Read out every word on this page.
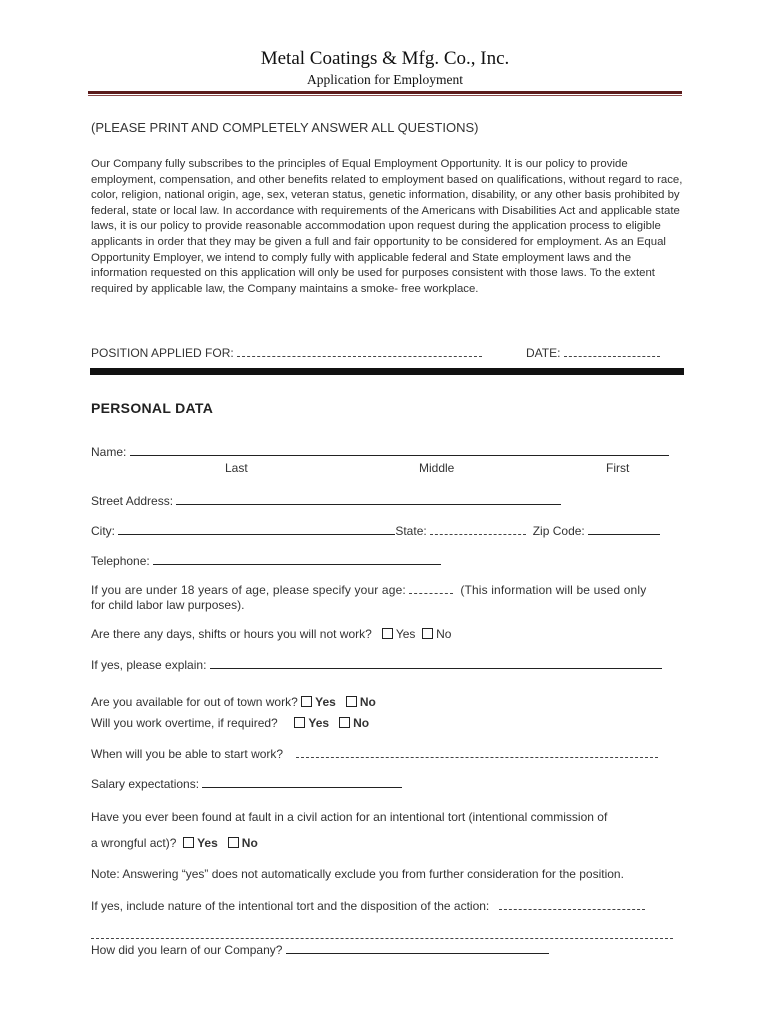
Metal Coatings & Mfg. Co., Inc.
Application for Employment
(PLEASE PRINT AND COMPLETELY ANSWER ALL QUESTIONS)
Our Company fully subscribes to the principles of Equal Employment Opportunity. It is our policy to provide employment, compensation, and other benefits related to employment based on qualifications, without regard to race, color, religion, national origin, age, sex, veteran status, genetic information, disability, or any other basis prohibited by federal, state or local law. In accordance with requirements of the Americans with Disabilities Act and applicable state laws, it is our policy to provide reasonable accommodation upon request during the application process to eligible applicants in order that they may be given a full and fair opportunity to be considered for employment. As an Equal Opportunity Employer, we intend to comply fully with applicable federal and State employment laws and the information requested on this application will only be used for purposes consistent with those laws. To the extent required by applicable law, the Company maintains a smoke- free workplace.
POSITION APPLIED FOR:	DATE:
PERSONAL DATA
Name:
Last	Middle	First
Street Address:
City:	State:	Zip Code:
Telephone:
If you are under 18 years of age, please specify your age:	(This information will be used only
for child labor law purposes).
Are there any days, shifts or hours you will not work? Yes No
If yes, please explain:
Are you available for out of town work? Yes No
Will you work overtime, if required?	Yes No
When will you be able to start work?
Salary expectations:
Have you ever been found at fault in a civil action for an intentional tort (intentional commission of
a wrongful act)? Yes No
Note: Answering “yes” does not automatically exclude you from further consideration for the position.
If yes, include nature of the intentional tort and the disposition of the action:
How did you learn of our Company?
